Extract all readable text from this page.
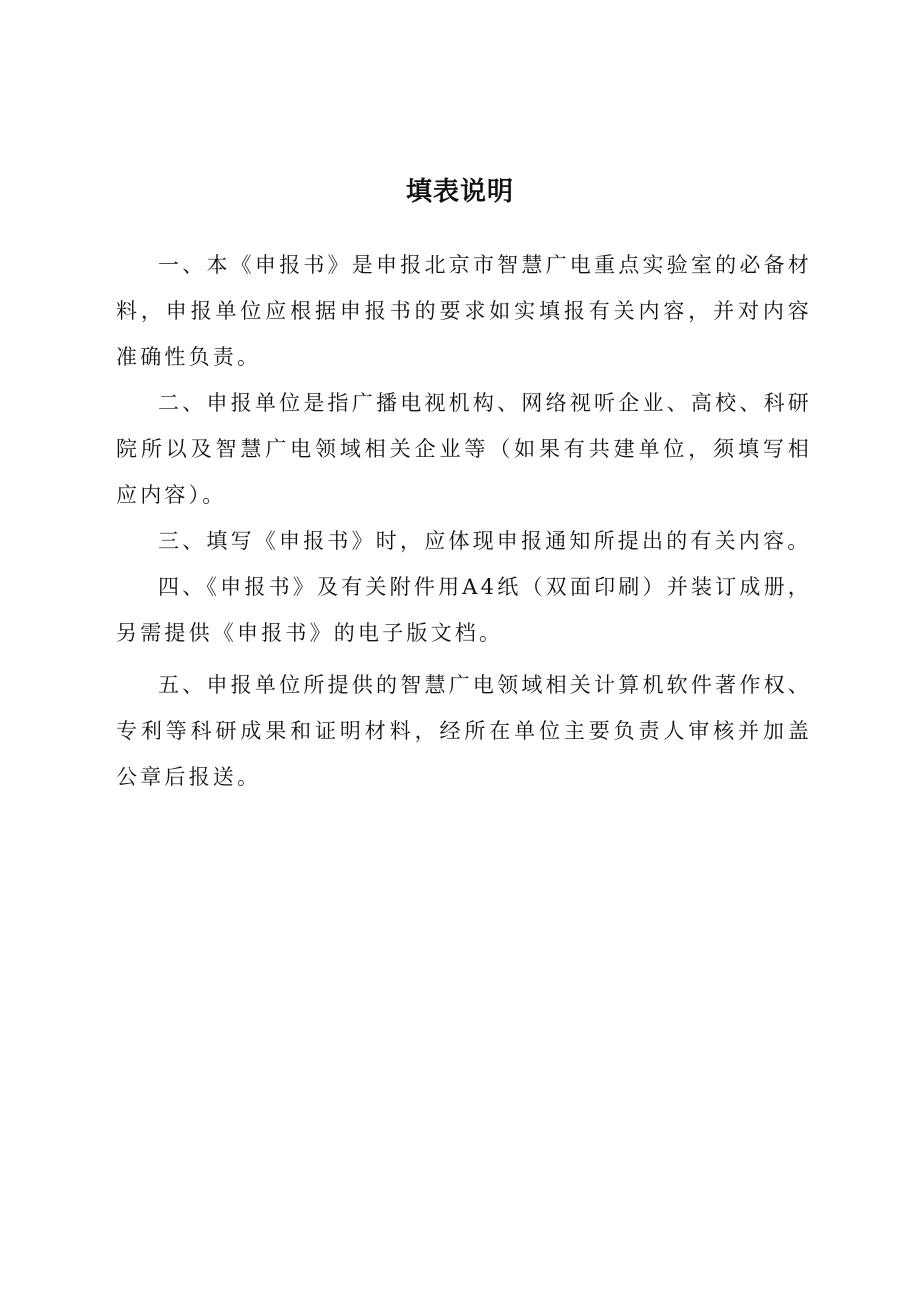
填表说明

一、本《申报书》是申报北京市智慧广电重点实验室的必备材料，申报单位应根据申报书的要求如实填报有关内容，并对内容准确性负责。

二、申报单位是指广播电视机构、网络视听企业、高校、科研院所以及智慧广电领域相关企业等（如果有共建单位，须填写相应内容）。

三、填写《申报书》时，应体现申报通知所提出的有关内容。

四、《申报书》及有关附件用A4纸（双面印刷）并装订成册，另需提供《申报书》的电子版文档。

五、申报单位所提供的智慧广电领域相关计算机软件著作权、专利等科研成果和证明材料，经所在单位主要负责人审核并加盖公章后报送。
